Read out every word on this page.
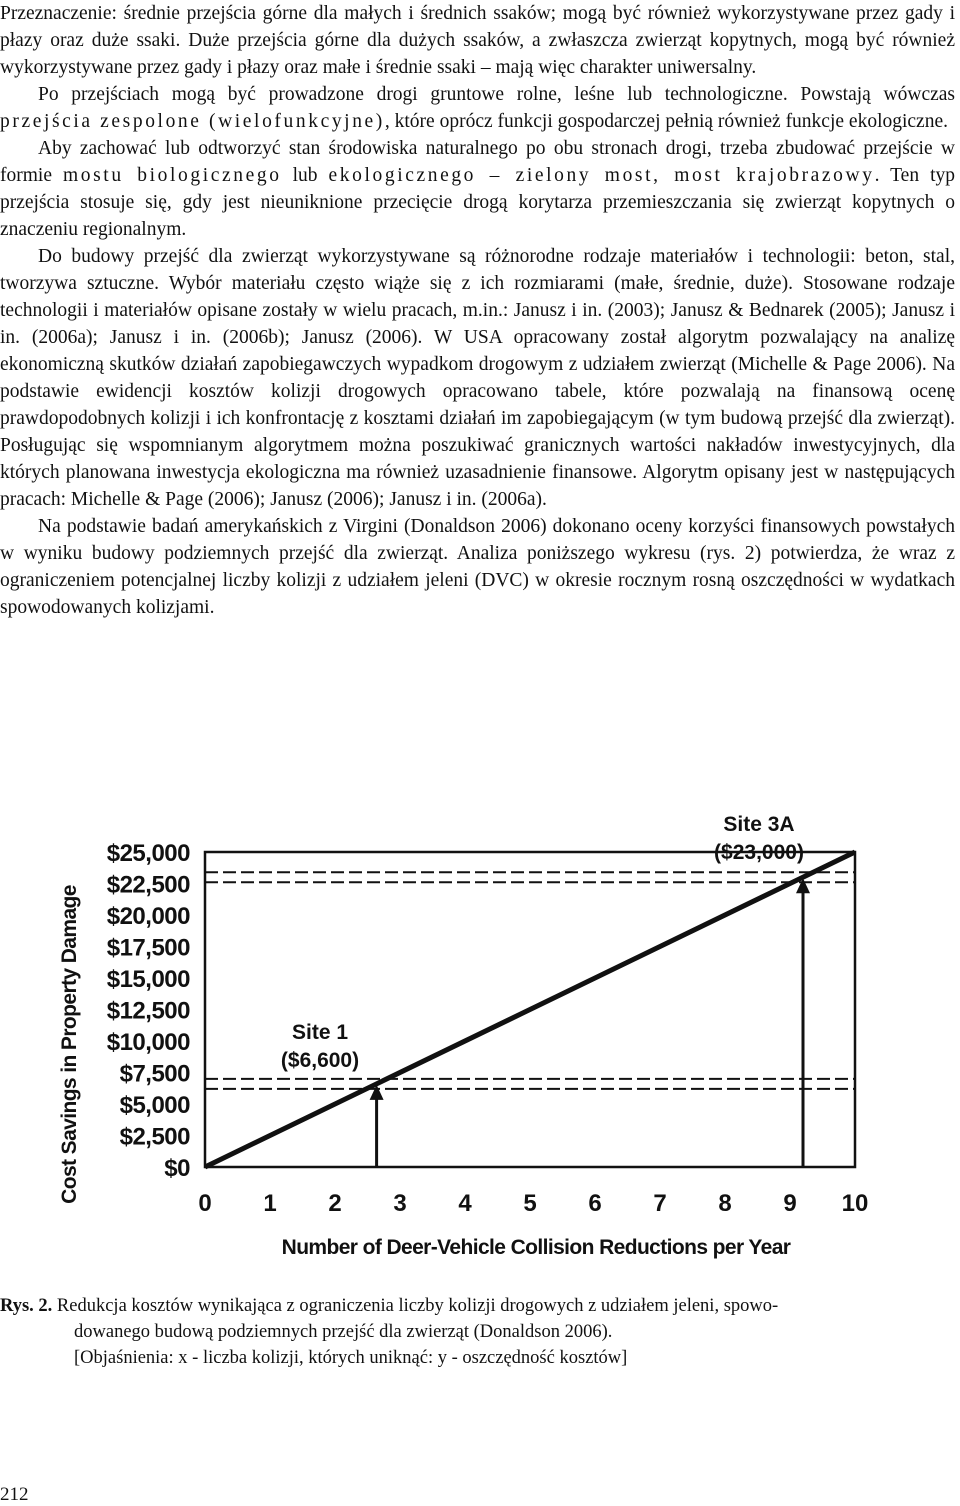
Przeznaczenie: średnie przejścia górne dla małych i średnich ssaków; mogą być również wykorzystywane przez gady i płazy oraz duże ssaki. Duże przejścia górne dla dużych ssaków, a zwłaszcza zwierząt kopytnych, mogą być również wykorzystywane przez gady i płazy oraz małe i średnie ssaki – mają więc charakter uniwersalny.

Po przejściach mogą być prowadzone drogi gruntowe rolne, leśne lub technologiczne. Powstają wówczas przejścia zespolone (wielofunkcyjne), które oprócz funkcji gospodarczej pełnią również funkcje ekologiczne.

Aby zachować lub odtworzyć stan środowiska naturalnego po obu stronach drogi, trzeba zbudować przejście w formie mostu biologicznego lub ekologicznego – zielony most, most krajobrazowy. Ten typ przejścia stosuje się, gdy jest nieuniknione przecięcie drogą korytarza przemieszczania się zwierząt kopytnych o znaczeniu regionalnym.

Do budowy przejść dla zwierząt wykorzystywane są różnorodne rodzaje materiałów i technologii: beton, stal, tworzywa sztuczne. Wybór materiału często wiąże się z ich rozmiarami (małe, średnie, duże). Stosowane rodzaje technologii i materiałów opisane zostały w wielu pracach, m.in.: Janusz i in. (2003); Janusz & Bednarek (2005); Janusz i in. (2006a); Janusz i in. (2006b); Janusz (2006). W USA opracowany został algorytm pozwalający na analizę ekonomiczną skutków działań zapobiegawczych wypadkom drogowym z udziałem zwierząt (Michelle & Page 2006). Na podstawie ewidencji kosztów kolizji drogowych opracowano tabele, które pozwalają na finansową ocenę prawdopodobnych kolizji i ich konfrontację z kosztami działań im zapobiegającym (w tym budową przejść dla zwierząt). Posługując się wspomnianym algorytmem można poszukiwać granicznych wartości nakładów inwestycyjnych, dla których planowana inwestycja ekologiczna ma również uzasadnienie finansowe. Algorytm opisany jest w następujących pracach: Michelle & Page (2006); Janusz (2006); Janusz i in. (2006a).

Na podstawie badań amerykańskich z Virgini (Donaldson 2006) dokonano oceny korzyści finansowych powstałych w wyniku budowy podziemnych przejść dla zwierząt. Analiza poniższego wykresu (rys. 2) potwierdza, że wraz z ograniczeniem potencjalnej liczby kolizji z udziałem jeleni (DVC) w okresie rocznym rosną oszczędności w wydatkach spowodowanych kolizjami.

$0
$2,500
$5,000
$7,500
$10,000
$12,500
$15,000
$17,500
$20,000
$22,500
$25,000
0 1 2 3 4 5 6 7 8 9 10
Number of Deer-Vehicle Collision Reductions per Year
Cost Savings in Property Damage	Site 1
($6,600)
Site 3A
($23,000)
Rys. 2. Redukcja kosztów wynikająca z ograniczenia liczby kolizji drogowych z udziałem jeleni, spowo-
dowanego budową podziemnych przejść dla zwierząt (Donaldson 2006).
[Objaśnienia: x - liczba kolizji, których uniknąć: y - oszczędność kosztów]
212
